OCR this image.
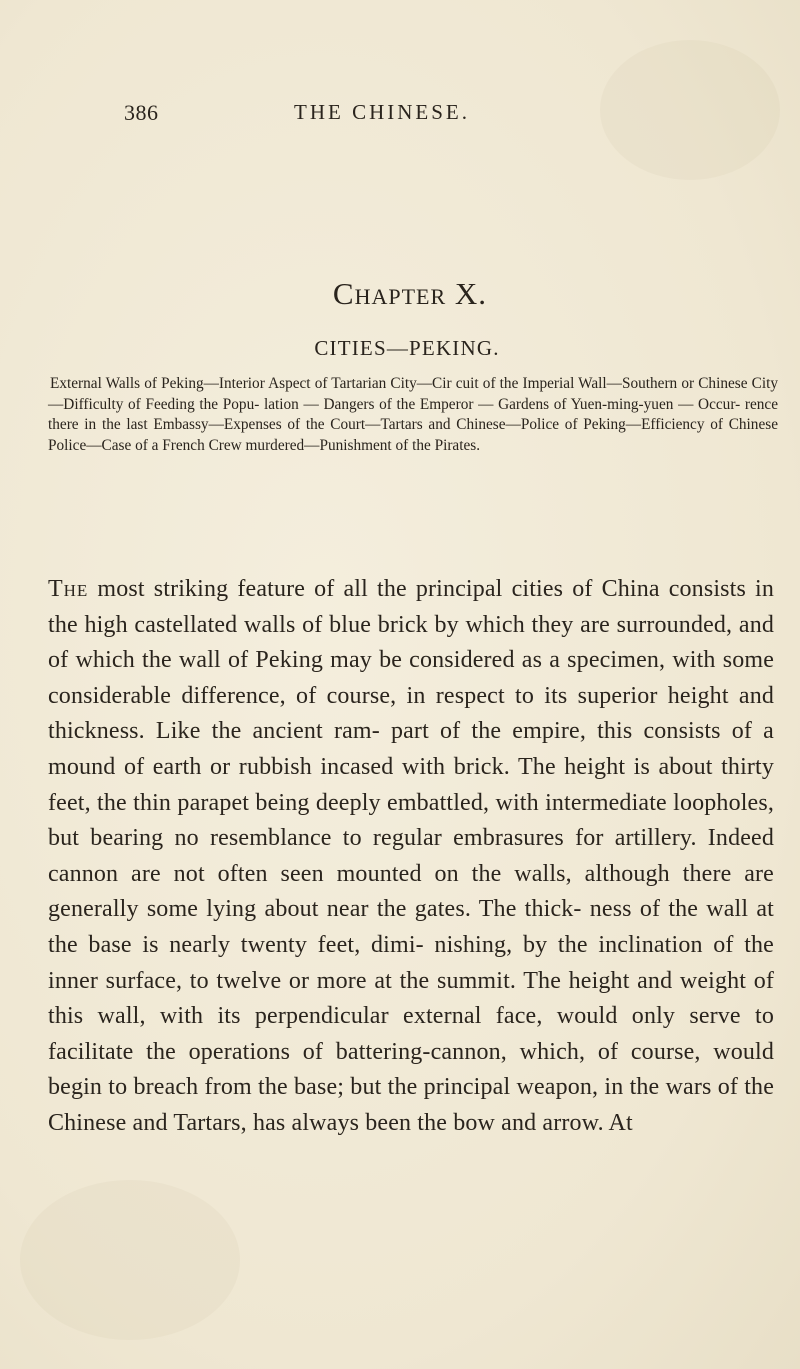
386	THE CHINESE.
Chapter X.
CITIES—PEKING.
External Walls of Peking—Interior Aspect of Tartarian City—Cir cuit of the Imperial Wall—Southern or Chinese City—Difficulty of Feeding the Popu- lation — Dangers of the Emperor — Gardens of Yuen-ming-yuen — Occur- rence there in the last Embassy—Expenses of the Court—Tartars and Chinese—Police of Peking—Efficiency of Chinese Police—Case of a French Crew murdered—Punishment of the Pirates.
The most striking feature of all the principal cities of China consists in the high castellated walls of blue brick by which they are surrounded, and of which the wall of Peking may be considered as a specimen, with some considerable difference, of course, in respect to its superior height and thickness. Like the ancient ram- part of the empire, this consists of a mound of earth or rubbish incased with brick. The height is about thirty feet, the thin parapet being deeply embattled, with intermediate loopholes, but bearing no resemblance to regular embrasures for artillery. Indeed cannon are not often seen mounted on the walls, although there are generally some lying about near the gates. The thick- ness of the wall at the base is nearly twenty feet, dimi- nishing, by the inclination of the inner surface, to twelve or more at the summit. The height and weight of this wall, with its perpendicular external face, would only serve to facilitate the operations of battering-cannon, which, of course, would begin to breach from the base; but the principal weapon, in the wars of the Chinese and Tartars, has always been the bow and arrow. At
